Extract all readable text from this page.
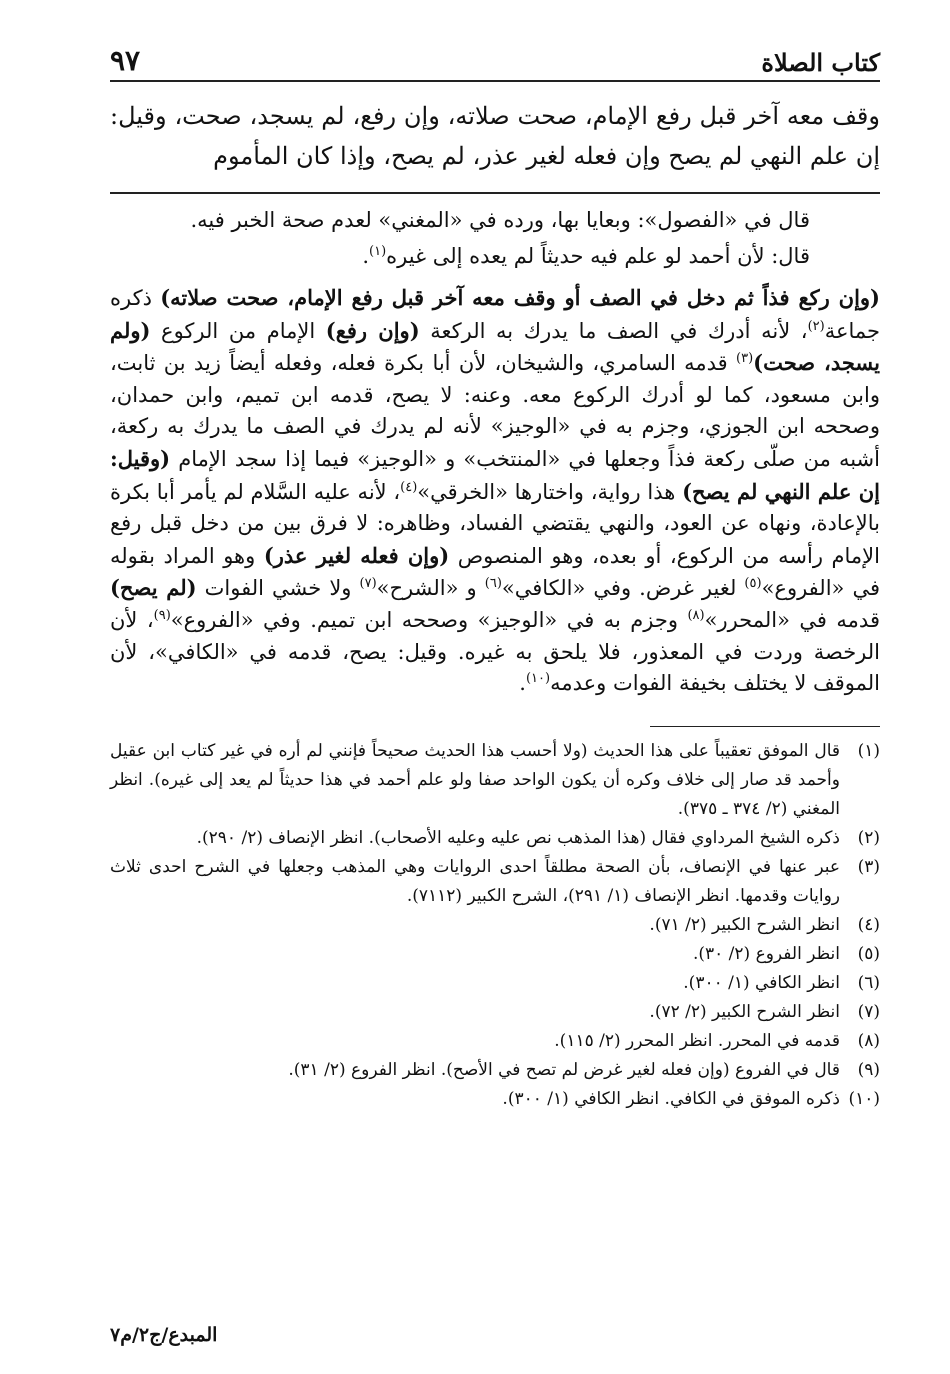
كتاب الصلاة
٩٧
وقف معه آخر قبل رفع الإمام، صحت صلاته، وإن رفع، لم يسجد، صحت، وقيل: إن علم النهي لم يصح وإن فعله لغير عذر، لم يصح، وإذا كان المأموم

قال في «الفصول»: وبعايا بها، ورده في «المغني» لعدم صحة الخبر فيه.

قال: لأن أحمد لو علم فيه حديثاً لم يعده إلى غيره$^{(١)}$.

(وإن ركع فذاً ثم دخل في الصف أو وقف معه آخر قبل رفع الإمام، صحت صلاته) ذكره جماعة$^{(٢)}$، لأنه أدرك في الصف ما يدرك به الركعة (وإن رفع) الإمام من الركوع (ولم يسجد، صحت)$^{(٣)}$ قدمه السامري، والشيخان، لأن أبا بكرة فعله، وفعله أيضاً زيد بن ثابت، وابن مسعود، كما لو أدرك الركوع معه. وعنه: لا يصح، قدمه ابن تميم، وابن حمدان، وصححه ابن الجوزي، وجزم به في «الوجيز» لأنه لم يدرك في الصف ما يدرك به ركعة، أشبه من صلّى ركعة فذاً وجعلها في «المنتخب» و «الوجيز» فيما إذا سجد الإمام (وقيل: إن علم النهي لم يصح) هذا رواية، واختارها «الخرقي»$^{(٤)}$، لأنه عليه السَّلام لم يأمر أبا بكرة بالإعادة، ونهاه عن العود، والنهي يقتضي الفساد، وظاهره: لا فرق بين من دخل قبل رفع الإمام رأسه من الركوع، أو بعده، وهو المنصوص (وإن فعله لغير عذر) وهو المراد بقوله في «الفروع»$^{(٥)}$ لغير غرض. وفي «الكافي»$^{(٦)}$ و «الشرح»$^{(٧)}$ ولا خشي الفوات (لم يصح) قدمه في «المحرر»$^{(٨)}$ وجزم به في «الوجيز» وصححه ابن تميم. وفي «الفروع»$^{(٩)}$، لأن الرخصة وردت في المعذور، فلا يلحق به غيره. وقيل: يصح، قدمه في «الكافي»، لأن الموقف لا يختلف بخيفة الفوات وعدمه$^{(١٠)}$.
(١)
قال الموفق تعقيباً على هذا الحديث (ولا أحسب هذا الحديث صحيحاً فإنني لم أره في غير كتاب ابن عقيل وأحمد قد صار إلى خلاف وكره أن يكون الواحد صفا ولو علم أحمد في هذا حديثاً لم يعد إلى غيره). انظر المغني (٢/ ٣٧٤ ـ ٣٧٥).
(٢)
ذكره الشيخ المرداوي فقال (هذا المذهب نص عليه وعليه الأصحاب). انظر الإنصاف (٢/ ٢٩٠).
(٣)
عبر عنها في الإنصاف، بأن الصحة مطلقاً احدى الروايات وهي المذهب وجعلها في الشرح احدى ثلاث روايات وقدمها. انظر الإنصاف (١/ ٢٩١)، الشرح الكبير (٧١١٢).
(٤)
انظر الشرح الكبير (٢/ ٧١).
(٥)
انظر الفروع (٢/ ٣٠).
(٦)
انظر الكافي (١/ ٣٠٠).
(٧)
انظر الشرح الكبير (٢/ ٧٢).
(٨)
قدمه في المحرر. انظر المحرر (٢/ ١١٥).
(٩)
قال في الفروع (وإن فعله لغير غرض لم تصح في الأصح). انظر الفروع (٢/ ٣١).
(١٠)
ذكره الموفق في الكافي. انظر الكافي (١/ ٣٠٠).
المبدع/ج٢/م٧
